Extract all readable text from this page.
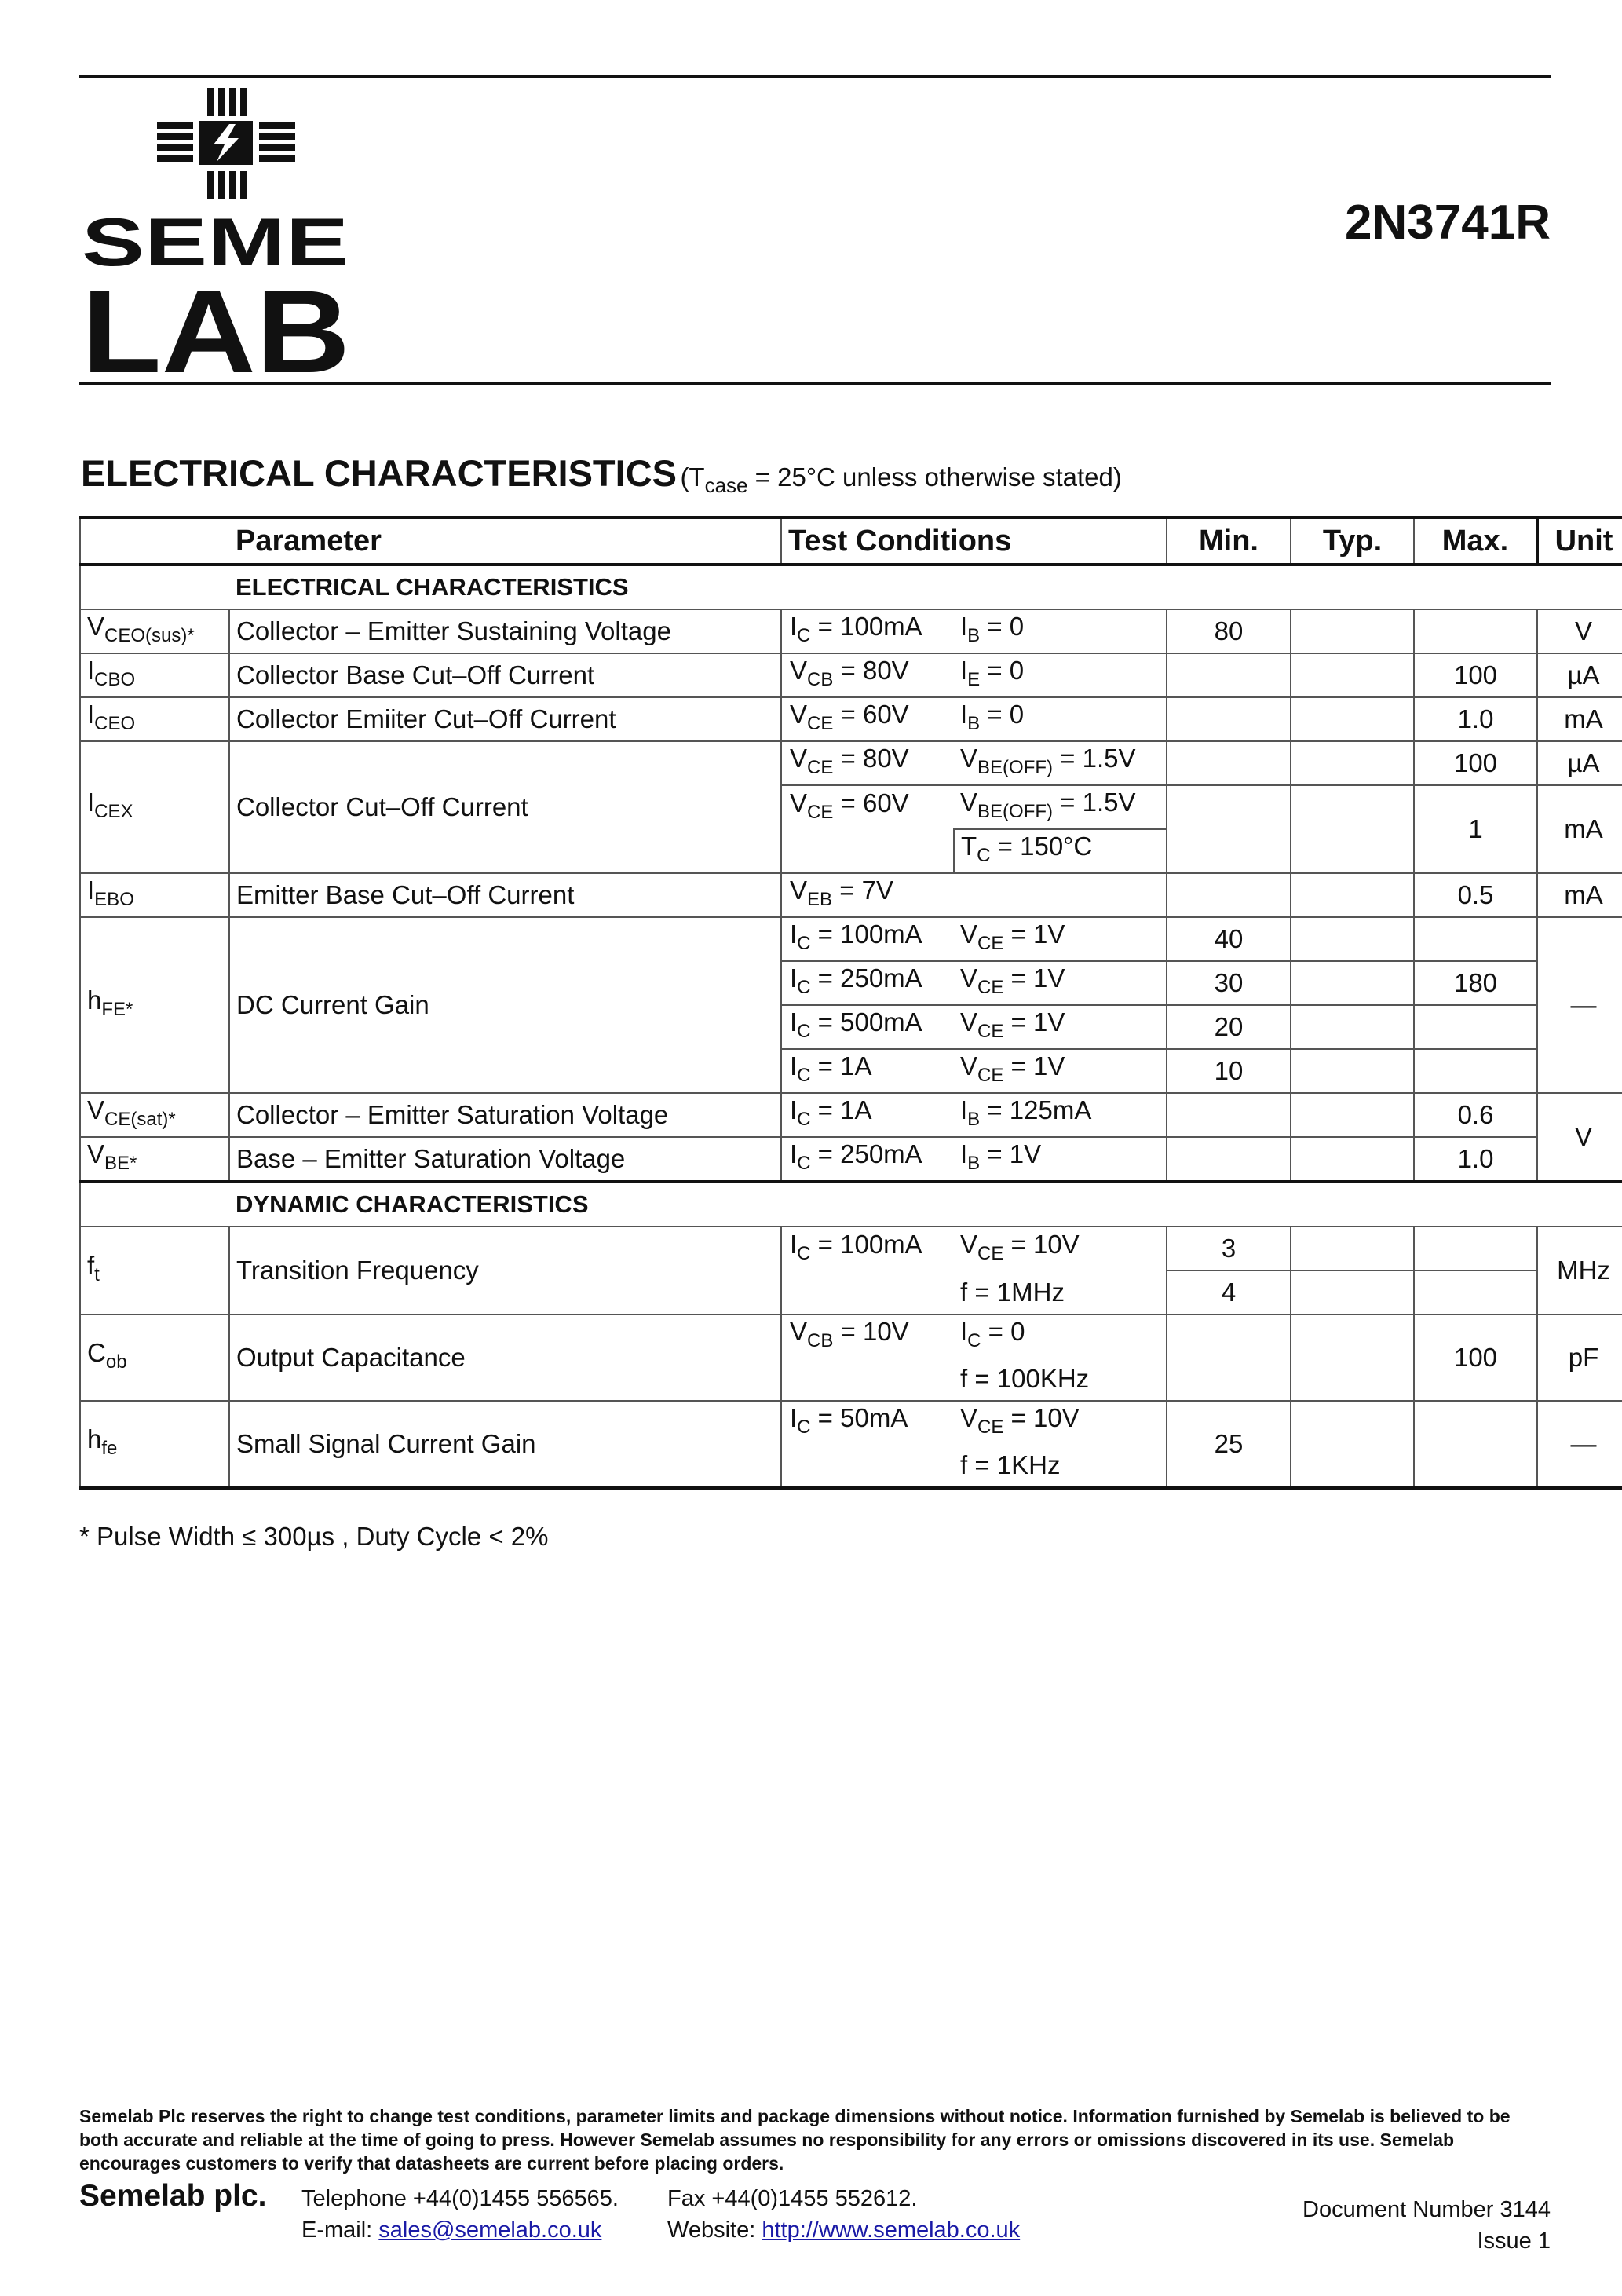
SEME
LAB
2N3741R
ELECTRICAL CHARACTERISTICS ($T_{case} = 25^\circ C$ unless otherwise stated)
	Parameter	Test Conditions		Min.	Typ.	Max.	Unit
	ELECTRICAL CHARACTERISTICS						
$V_{CEO(sus)*}$	Collector – Emitter Sustaining Voltage	$I_C = 100mA$	$I_B = 0$	80			V
$I_{CBO}$	Collector Base Cut–Off Current	$V_{CB} = 80V$	$I_E = 0$			100	µA
$I_{CEO}$	Collector Emiiter Cut–Off Current	$V_{CE} = 60V$	$I_B = 0$			1.0	mA
$I_{CEX}$	Collector Cut–Off Current	$V_{CE} = 80V$	$V_{BE(OFF)} = 1.5V$			100	µA
		$V_{CE} = 60V$	$V_{BE(OFF)} = 1.5V$			1	mA
			$T_C = 150^\circ C$				
$I_{EBO}$	Emitter Base Cut–Off Current	$V_{EB} = 7V$				0.5	mA
$h_{FE*}$	DC Current Gain	$I_C = 100mA$	$V_{CE} = 1V$	40			—
		$I_C = 250mA$	$V_{CE} = 1V$	30		180	
		$I_C = 500mA$	$V_{CE} = 1V$	20			
		$I_C = 1A$	$V_{CE} = 1V$	10			
$V_{CE(sat)*}$	Collector – Emitter Saturation Voltage	$I_C = 1A$	$I_B = 125mA$			0.6	V
$V_{BE*}$	Base – Emitter Saturation Voltage	$I_C = 250mA$	$I_B = 1V$			1.0	
	DYNAMIC CHARACTERISTICS						
$f_t$	Transition Frequency	$I_C = 100mA$	$V_{CE} = 10V$	3			MHz
			f = 1MHz	4			
$C_{ob}$	Output Capacitance	$V_{CB} = 10V$	$I_C = 0$			100	pF
			f = 100KHz				
$h_{fe}$	Small Signal Current Gain	$I_C = 50mA$	$V_{CE} = 10V$	25			—
			f = 1KHz				
* Pulse Width ≤ 300µs , Duty Cycle < 2%
Semelab Plc reserves the right to change test conditions, parameter limits and package dimensions without notice. Information furnished by Semelab is believed to be both accurate and reliable at the time of going to press. However Semelab assumes no responsibility for any errors or omissions discovered in its use. Semelab encourages customers to verify that datasheets are current before placing orders.
Semelab plc. Telephone +44(0)1455 556565. Fax +44(0)1455 552612.
E-mail: sales@semelab.co.uk	Website: http://www.semelab.co.uk
Document Number 3144
Issue 1
